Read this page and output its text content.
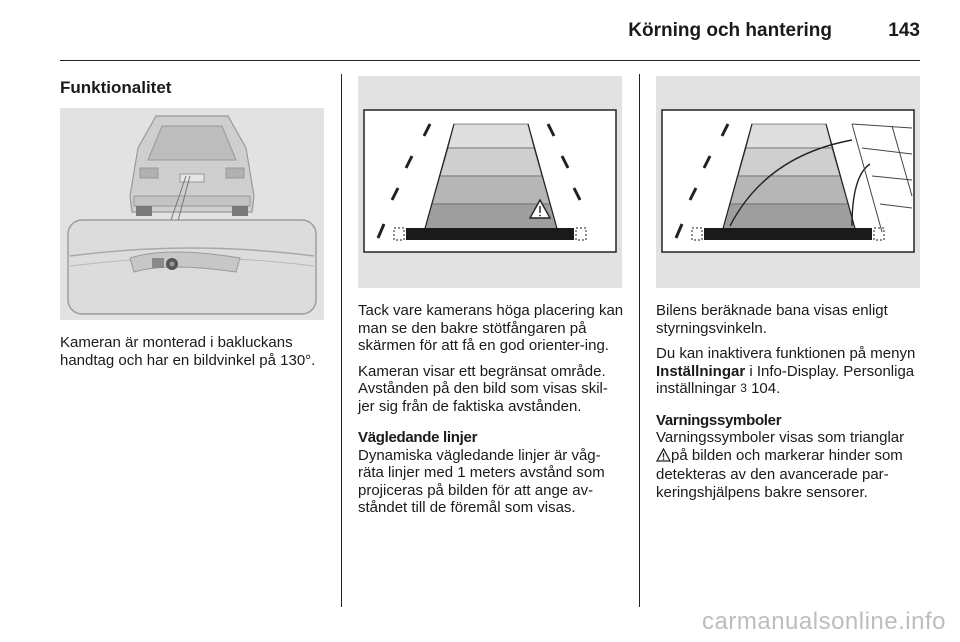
Körning och hantering	143
Funktionalitet

Kameran är monterad i bakluckans handtag och har en bildvinkel på 130°.

Tack vare kamerans höga placering kan man se den bakre stötfångaren på skärmen för att få en god orienter-ing.

Kameran visar ett begränsat område. Avstånden på den bild som visas skil-jer sig från de faktiska avstånden.

Vägledande linjer

Dynamiska vägledande linjer är våg-räta linjer med 1 meters avstånd som projiceras på bilden för att ange av-ståndet till de föremål som visas.

Bilens beräknade bana visas enligt styrningsvinkeln.

Du kan inaktivera funktionen på menyn Inställningar i Info-Display. Personliga inställningar 3 104.

Varningssymboler

Varningssymboler visas som trianglar på bilden och markerar hinder som detekteras av den avancerade par-keringshjälpens bakre sensorer.

carmanualsonline.info
